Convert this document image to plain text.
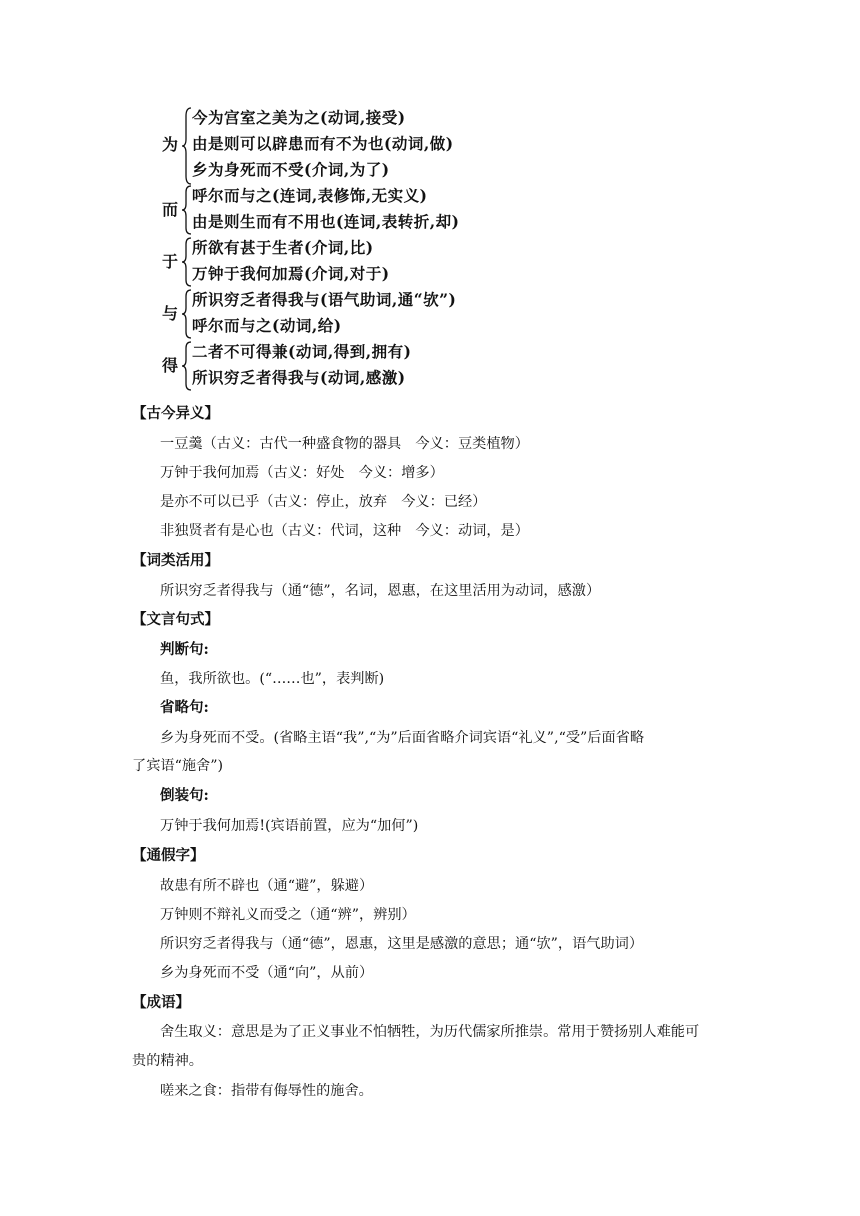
为
今为宫室之美为之(动词,接受)
由是则可以辟患而有不为也(动词,做)
乡为身死而不受(介词,为了)
而
呼尔而与之(连词,表修饰,无实义)
由是则生而有不用也(连词,表转折,却)
于
所欲有甚于生者(介词,比)
万钟于我何加焉(介词,对于)
与
所识穷乏者得我与(语气助词,通“欤”)
呼尔而与之(动词,给)
得
二者不可得兼(动词,得到,拥有)
所识穷乏者得我与(动词,感激)
【古今异义】
一豆羹（古义：古代一种盛食物的器具　今义：豆类植物）
万钟于我何加焉（古义：好处　今义：增多）
是亦不可以已乎（古义：停止，放弃　今义：已经）
非独贤者有是心也（古义：代词，这种　今义：动词，是）
【词类活用】
所识穷乏者得我与（通“德”，名词，恩惠，在这里活用为动词，感激）
【文言句式】
判断句:
鱼，我所欲也。(“……也”，表判断)
省略句:
乡为身死而不受。(省略主语“我”,“为”后面省略介词宾语“礼义”,“受”后面省略
了宾语“施舍”)
倒装句:
万钟于我何加焉!(宾语前置，应为“加何”)
【通假字】
故患有所不辟也（通“避”，躲避）
万钟则不辩礼义而受之（通“辨”，辨别）
所识穷乏者得我与（通“德”，恩惠，这里是感激的意思；通“欤”，语气助词）
乡为身死而不受（通“向”，从前）
【成语】
舍生取义：意思是为了正义事业不怕牺牲，为历代儒家所推崇。常用于赞扬别人难能可
贵的精神。
嗟来之食：指带有侮辱性的施舍。
